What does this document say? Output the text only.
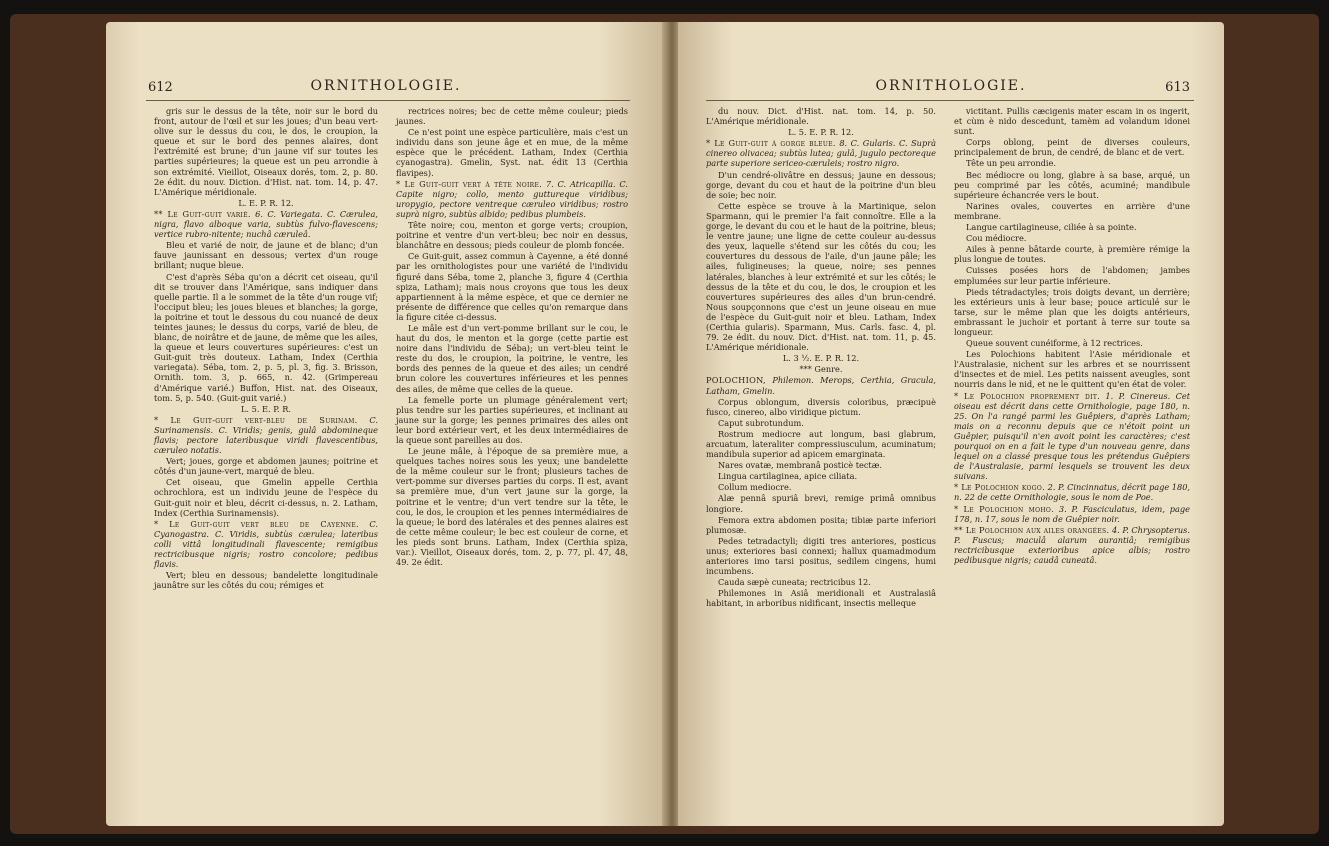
612	ORNITHOLOGIE.

gris sur le dessus de la tête, noir sur le bord du front, autour de l'œil et sur les joues; d'un beau vert-olive sur le dessus du cou, le dos, le croupion, la queue et sur le bord des pennes alaires, dont l'extrémité est brune; d'un jaune vif sur toutes les parties supérieures; la queue est un peu arrondie à son extrémité. Vieillot, Oiseaux dorés, tom. 2, p. 80. 2e édit. du nouv. Diction. d'Hist. nat. tom. 14, p. 47. L'Amérique méridionale.

L. E. P. R. 12.

** Le Guit-guit varié. 6. C. Variegata. C. Cærulea, nigra, flavo alboque varia, subtùs fulvo-flavescens; vertice rubro-nitente; nuchâ cæruleâ.

Bleu et varié de noir, de jaune et de blanc; d'un fauve jaunissant en dessous; vertex d'un rouge brillant; nuque bleue.

C'est d'après Séba qu'on a décrit cet oiseau, qu'il dit se trouver dans l'Amérique, sans indiquer dans quelle partie. Il a le sommet de la tête d'un rouge vif; l'occiput bleu; les joues bleues et blanches; la gorge, la poitrine et tout le dessous du cou nuancé de deux teintes jaunes; le dessus du corps, varié de bleu, de blanc, de noirâtre et de jaune, de même que les ailes, la queue et leurs couvertures supérieures: c'est un Guit-guit très douteux. Latham, Index (Certhia variegata). Séba, tom. 2, p. 5, pl. 3, fig. 3. Brisson, Ornith. tom. 3, p. 665, n. 42. (Grimpereau d'Amérique varié.) Buffon, Hist. nat. des Oiseaux, tom. 5, p. 540. (Guit-guit varié.)

L. 5. E. P. R.

* Le Guit-guit vert-bleu de Surinam. C. Surinamensis. C. Viridis; genis, gulâ abdomineque flavis; pectore lateribusque viridi flavescentibus, cæruleo notatis.

Vert; joues, gorge et abdomen jaunes; poitrine et côtés d'un jaune-vert, marqué de bleu.

Cet oiseau, que Gmelin appelle Certhia ochrochlora, est un individu jeune de l'espèce du Guit-guit noir et bleu, décrit ci-dessus, n. 2. Latham, Index (Certhia Surinamensis).

* Le Guit-guit vert bleu de Cayenne. C. Cyanogastra. C. Viridis, subtùs cærulea; lateribus colli vittâ longitudinali flavescente; remigibus rectricibusque nigris; rostro concolore; pedibus flavis.

Vert; bleu en dessous; bandelette longitudinale jaunâtre sur les côtés du cou; rémiges et

rectrices noires; bec de cette même couleur; pieds jaunes.

Ce n'est point une espèce particulière, mais c'est un individu dans son jeune âge et en mue, de la même espèce que le précédent. Latham, Index (Certhia cyanogastra). Gmelin, Syst. nat. édit 13 (Certhia flavipes).

* Le Guit-guit vert à tête noire. 7. C. Atricapilla. C. Capite nigro; collo, mento guttureque viridibus; uropygio, pectore ventreque cæruleo viridibus; rostro suprà nigro, subtùs albido; pedibus plumbeis.

Tête noire; cou, menton et gorge verts; croupion, poitrine et ventre d'un vert-bleu; bec noir en dessus, blanchâtre en dessous; pieds couleur de plomb foncée.

Ce Guit-guit, assez commun à Cayenne, a été donné par les ornithologistes pour une variété de l'individu figuré dans Séba, tome 2, planche 3, figure 4 (Certhia spiza, Latham); mais nous croyons que tous les deux appartiennent à la même espèce, et que ce dernier ne présente de différence que celles qu'on remarque dans la figure citée ci-dessus.

Le mâle est d'un vert-pomme brillant sur le cou, le haut du dos, le menton et la gorge (cette partie est noire dans l'individu de Séba); un vert-bleu teint le reste du dos, le croupion, la poitrine, le ventre, les bords des pennes de la queue et des ailes; un cendré brun colore les couvertures inférieures et les pennes des ailes, de même que celles de la queue.

La femelle porte un plumage généralement vert; plus tendre sur les parties supérieures, et inclinant au jaune sur la gorge; les pennes primaires des ailes ont leur bord extérieur vert, et les deux intermédiaires de la queue sont pareilles au dos.

Le jeune mâle, à l'époque de sa première mue, a quelques taches noires sous les yeux; une bandelette de la même couleur sur le front; plusieurs taches de vert-pomme sur diverses parties du corps. Il est, avant sa première mue, d'un vert jaune sur la gorge, la poitrine et le ventre; d'un vert tendre sur la tête, le cou, le dos, le croupion et les pennes intermédiaires de la queue; le bord des latérales et des pennes alaires est de cette même couleur; le bec est couleur de corne, et les pieds sont bruns. Latham, Index (Certhia spiza, var.). Vieillot, Oiseaux dorés, tom. 2, p. 77, pl. 47, 48, 49. 2e édit.

ORNITHOLOGIE.	613

du nouv. Dict. d'Hist. nat. tom. 14, p. 50. L'Amérique méridionale.

L. 5. E. P. R. 12.

* Le Guit-guit à gorge bleue. 8. C. Gularis. C. Suprà cinereo olivacea; subtùs lutea; gulâ, jugulo pectoreque parte superiore sericeo-cæruleis; rostro nigro.

D'un cendré-olivâtre en dessus; jaune en dessous; gorge, devant du cou et haut de la poitrine d'un bleu de soie; bec noir.

Cette espèce se trouve à la Martinique, selon Sparmann, qui le premier l'a fait connoître. Elle a la gorge, le devant du cou et le haut de la poitrine, bleus; le ventre jaune; une ligne de cette couleur au-dessus des yeux, laquelle s'étend sur les côtés du cou; les couvertures du dessous de l'aile, d'un jaune pâle; les ailes, fuligineuses; la queue, noire; ses pennes latérales, blanches à leur extrémité et sur les côtés; le dessus de la tête et du cou, le dos, le croupion et les couvertures supérieures des ailes d'un brun-cendré. Nous soupçonnons que c'est un jeune oiseau en mue de l'espèce du Guit-guit noir et bleu. Latham, Index (Certhia gularis). Sparmann, Mus. Carls. fasc. 4, pl. 79. 2e édit. du nouv. Dict. d'Hist. nat. tom. 11, p. 45. L'Amérique méridionale.

L. 3 ½. E. P. R. 12.

*** Genre.

POLOCHION, Philemon. Merops, Certhia, Gracula, Latham, Gmelin.

Corpus oblongum, diversis coloribus, præcipuè fusco, cinereo, albo viridique pictum.

Caput subrotundum.

Rostrum mediocre aut longum, basi glabrum, arcuatum, lateraliter compressiusculum, acuminatum; mandibula superior ad apicem emarginata.

Nares ovatæ, membranâ posticè tectæ.

Lingua cartilaginea, apice ciliata.

Collum mediocre.

Alæ pennâ spuriâ brevi, remige primâ omnibus longiore.

Femora extra abdomen posita; tibiæ parte inferiori plumosæ.

Pedes tetradactyli; digiti tres anteriores, posticus unus; exteriores basi connexi; hallux quamadmodum anteriores imo tarsi positus, sedilem cingens, humi incumbens.

Cauda sæpè cuneata; rectricibus 12.

Philemones in Asiâ meridionali et Australasiâ habitant, in arboribus nidificant, insectis melleque

victitant. Pullis cæcigenis mater escam in os ingerit, et cùm è nido descedunt, tamèm ad volandum idonei sunt.

Corps oblong, peint de diverses couleurs, principalement de brun, de cendré, de blanc et de vert.

Tête un peu arrondie.

Bec médiocre ou long, glabre à sa base, arqué, un peu comprimé par les côtés, acuminé; mandibule supérieure échancrée vers le bout.

Narines ovales, couvertes en arrière d'une membrane.

Langue cartilagineuse, ciliée à sa pointe.

Cou médiocre.

Ailes à penne bâtarde courte, à première rémige la plus longue de toutes.

Cuisses posées hors de l'abdomen; jambes emplumées sur leur partie inférieure.

Pieds tétradactyles; trois doigts devant, un derrière; les extérieurs unis à leur base; pouce articulé sur le tarse, sur le même plan que les doigts antérieurs, embrassant le juchoir et portant à terre sur toute sa longueur.

Queue souvent cunéiforme, à 12 rectrices.

Les Polochions habitent l'Asie méridionale et l'Australasie, nichent sur les arbres et se nourrissent d'insectes et de miel. Les petits naissent aveugles, sont nourris dans le nid, et ne le quittent qu'en état de voler.

* Le Polochion proprement dit. 1. P. Cinereus. Cet oiseau est décrit dans cette Ornithologie, page 180, n. 25. On l'a rangé parmi les Guêpiers, d'après Latham; mais on a reconnu depuis que ce n'étoit point un Guêpier, puisqu'il n'en avoit point les caractères; c'est pourquoi on en a fait le type d'un nouveau genre, dans lequel on a classé presque tous les prétendus Guêpiers de l'Australasie, parmi lesquels se trouvent les deux suivans.

* Le Polochion kogo. 2. P. Cincinnatus, décrit page 180, n. 22 de cette Ornithologie, sous le nom de Poe.

* Le Polochion moho. 3. P. Fasciculatus, idem, page 178, n. 17, sous le nom de Guêpier noir.

** Le Polochion aux ailes orangées. 4. P. Chrysopterus. P. Fuscus; maculâ alarum aurantiâ; remigibus rectricibusque exterioribus apice albis; rostro pedibusque nigris; caudâ cuneatâ.
